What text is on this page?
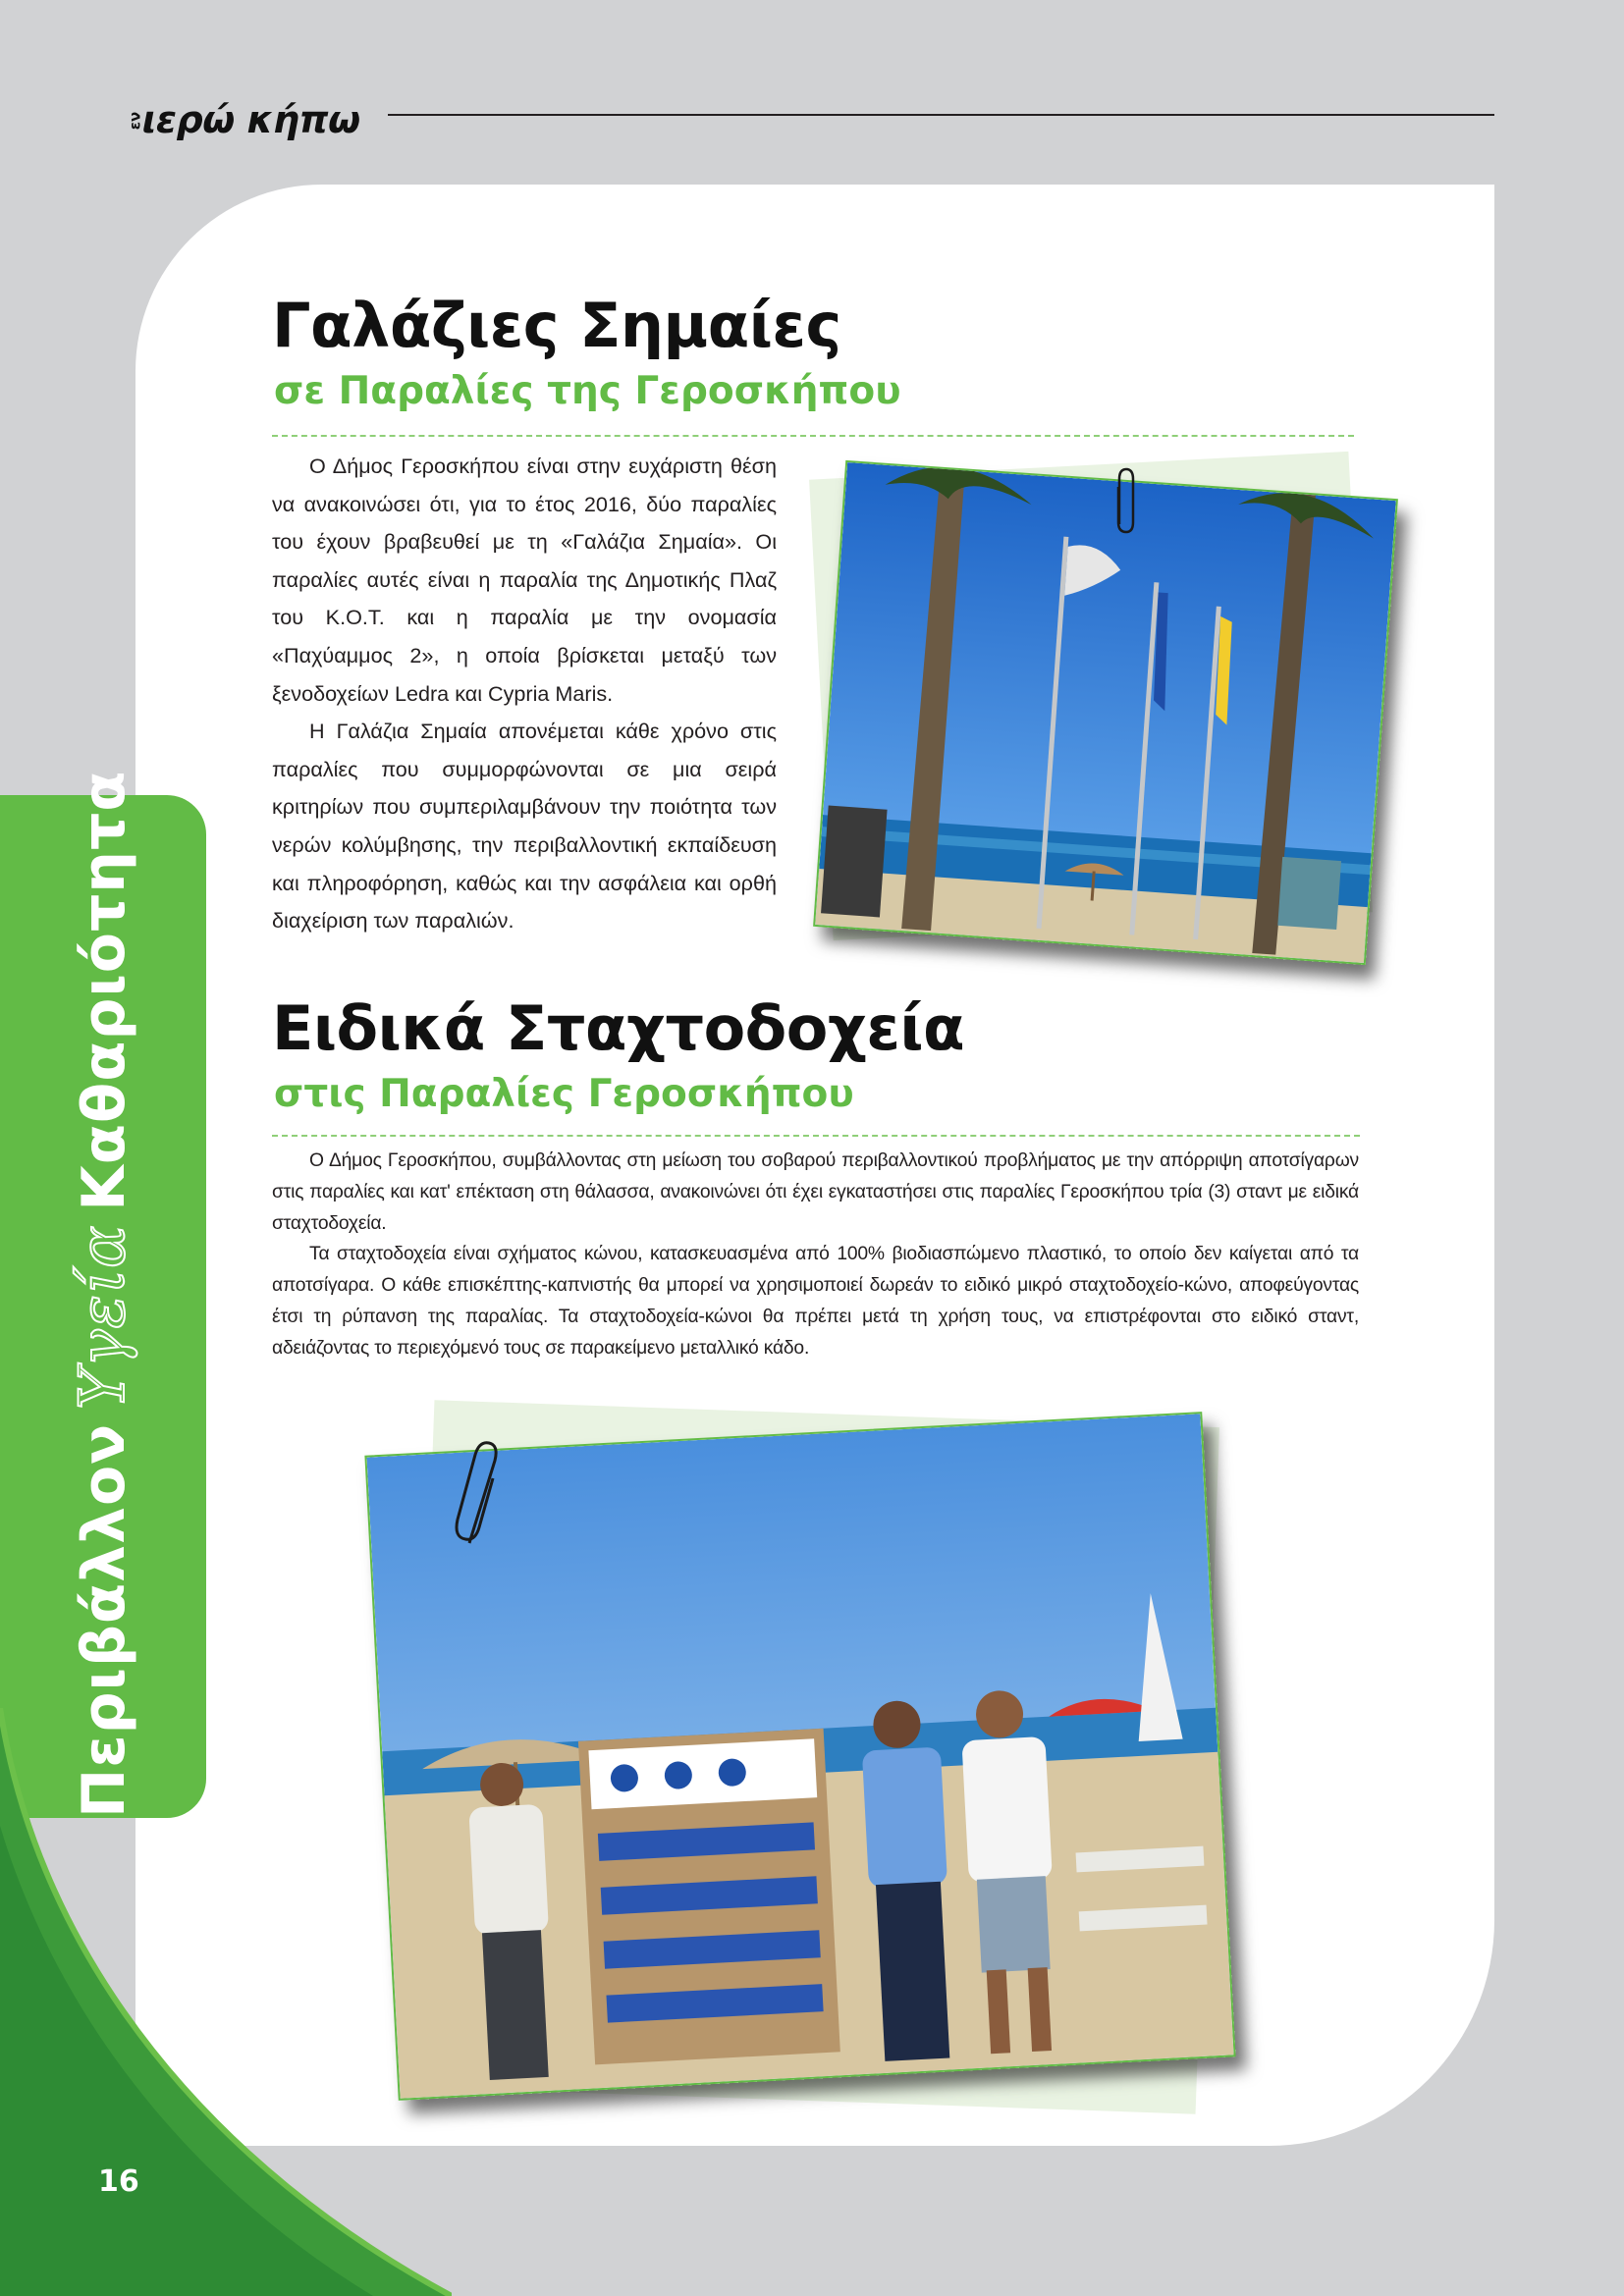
εν
ιερώ κήπω
ΠεριβάλλονΥγείαΚαθαριότητα
16
Γαλάζιες Σημαίες
σε Παραλίες της Γεροσκήπου

Ο Δήμος Γεροσκήπου είναι στην ευχάριστη θέση να ανακοινώσει ότι, για το έτος 2016, δύο παραλίες του έχουν βραβευθεί με τη «Γαλάζια Σημαία». Οι παραλίες αυτές είναι η παραλία της Δημοτικής Πλαζ του Κ.Ο.Τ. και η παραλία με την ονομασία «Παχύαμμος 2», η οποία βρίσκεται μεταξύ των ξενοδοχείων Ledra και Cypria Maris.

Η Γαλάζια Σημαία απονέμεται κάθε χρόνο στις παραλίες που συμμορφώνονται σε μια σειρά κριτηρίων που συμπεριλαμβάνουν την ποιότητα των νερών κολύμβησης, την περιβαλλοντική εκπαίδευση και πληροφόρηση, καθώς και την ασφάλεια και ορθή διαχείριση των παραλιών.

Ειδικά Σταχτοδοχεία
στις Παραλίες Γεροσκήπου

Ο Δήμος Γεροσκήπου, συμβάλλοντας στη μείωση του σοβαρού περιβαλλοντικού προβλήματος με την απόρριψη αποτσίγαρων στις παραλίες και κατ' επέκταση στη θάλασσα, ανακοινώνει ότι έχει εγκαταστήσει στις παραλίες Γεροσκήπου τρία (3) σταντ με ειδικά σταχτοδοχεία.

Τα σταχτοδοχεία είναι σχήματος κώνου, κατασκευασμένα από 100% βιοδιασπώμενο πλαστικό, το οποίο δεν καίγεται από τα αποτσίγαρα. Ο κάθε επισκέπτης-καπνιστής θα μπορεί να χρησιμοποιεί δωρεάν το ειδικό μικρό σταχτοδοχείο-κώνο, αποφεύγοντας έτσι τη ρύπανση της παραλίας. Τα σταχτοδοχεία-κώνοι θα πρέπει μετά τη χρήση τους, να επιστρέφονται στο ειδικό σταντ, αδειάζοντας το περιεχόμενό τους σε παρακείμενο μεταλλικό κάδο.
